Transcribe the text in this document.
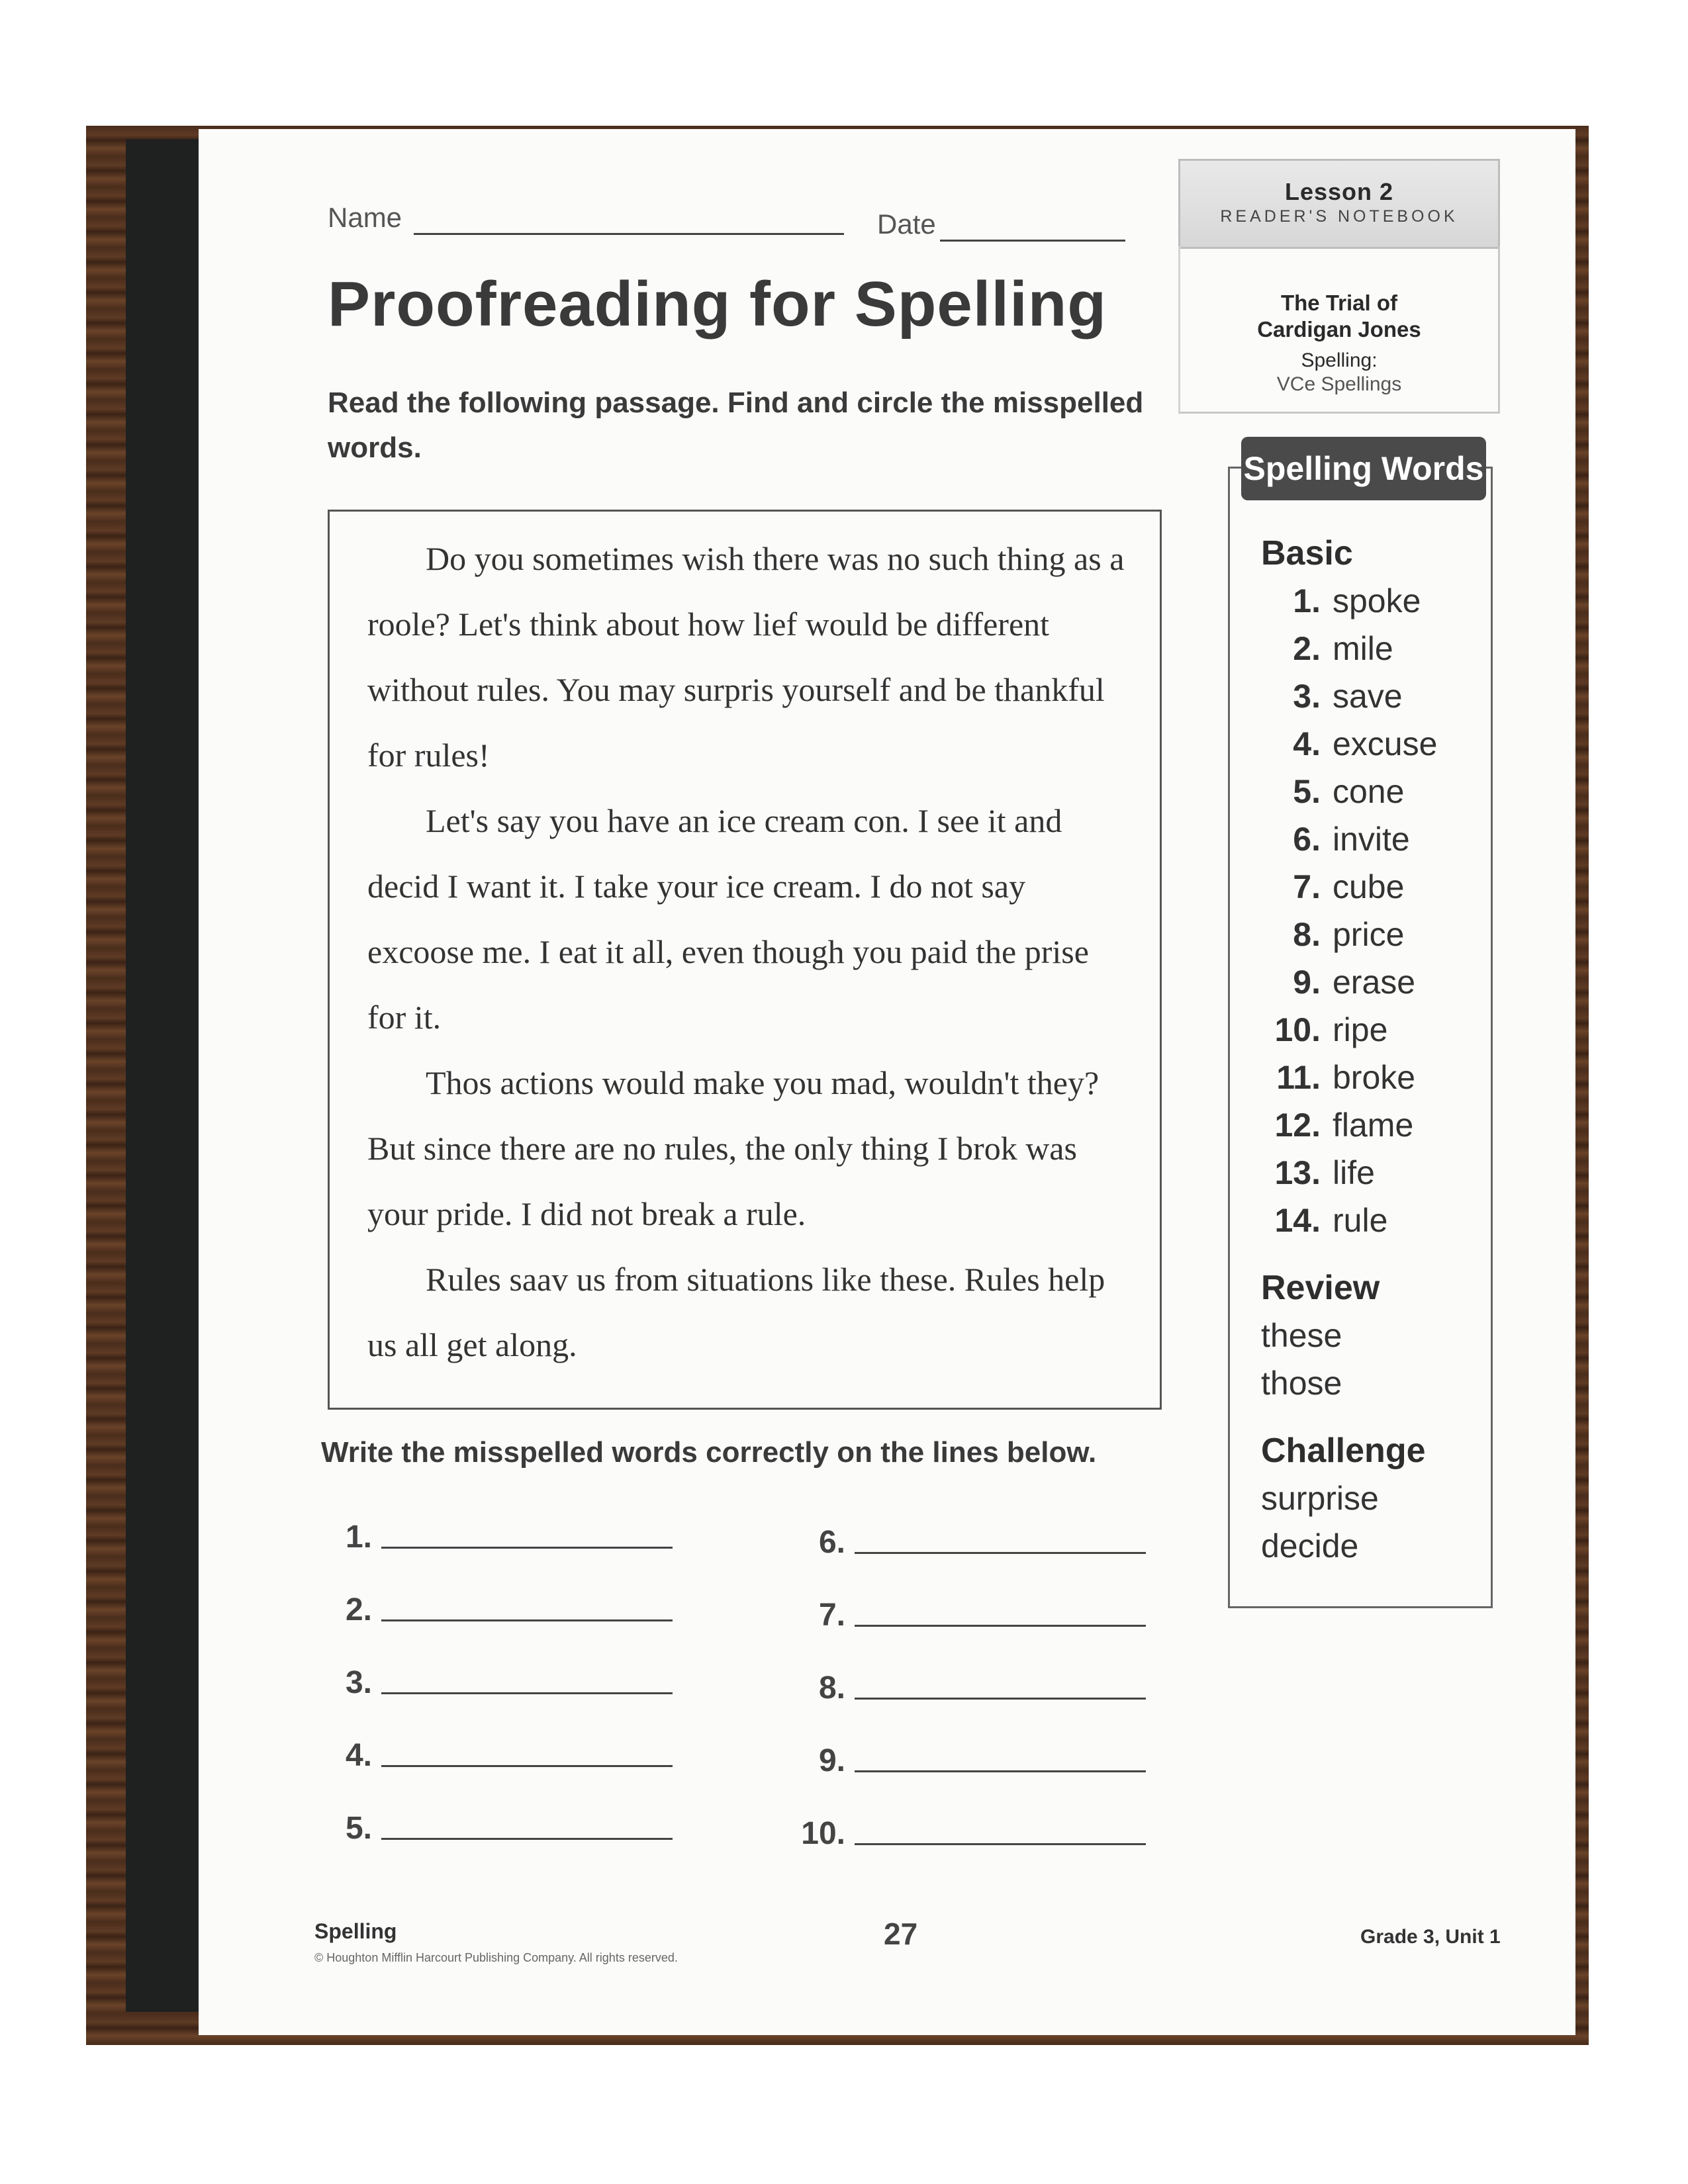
Name	Date
Lesson 2
READER'S NOTEBOOK
The Trial of
Cardigan Jones
Spelling:
VCe Spellings
Proofreading for Spelling
Read the following passage. Find and circle the misspelled words.

Do you sometimes wish there was no such thing as a roole? Let's think about how lief would be different without rules. You may surpris yourself and be thankful for rules!

Let's say you have an ice cream con. I see it and decid I want it. I take your ice cream. I do not say excoose me. I eat it all, even though you paid the prise for it.

Thos actions would make you mad, wouldn't they? But since there are no rules, the only thing I brok was your pride. I did not break a rule.

Rules saav us from situations like these. Rules help us all get along.

Spelling Words
Basic
1. spoke
2. mile
3. save
4. excuse
5. cone
6. invite
7. cube
8. price
9. erase
10. ripe
11. broke
12. flame
13. life
14. rule
Review
these
those
Challenge
surprise
decide
Write the misspelled words correctly on the lines below.
1.
2.
3.
4.
5.
6.
7.
8.
9.
10.
Spelling
© Houghton Mifflin Harcourt Publishing Company. All rights reserved.
27	Grade 3, Unit 1
